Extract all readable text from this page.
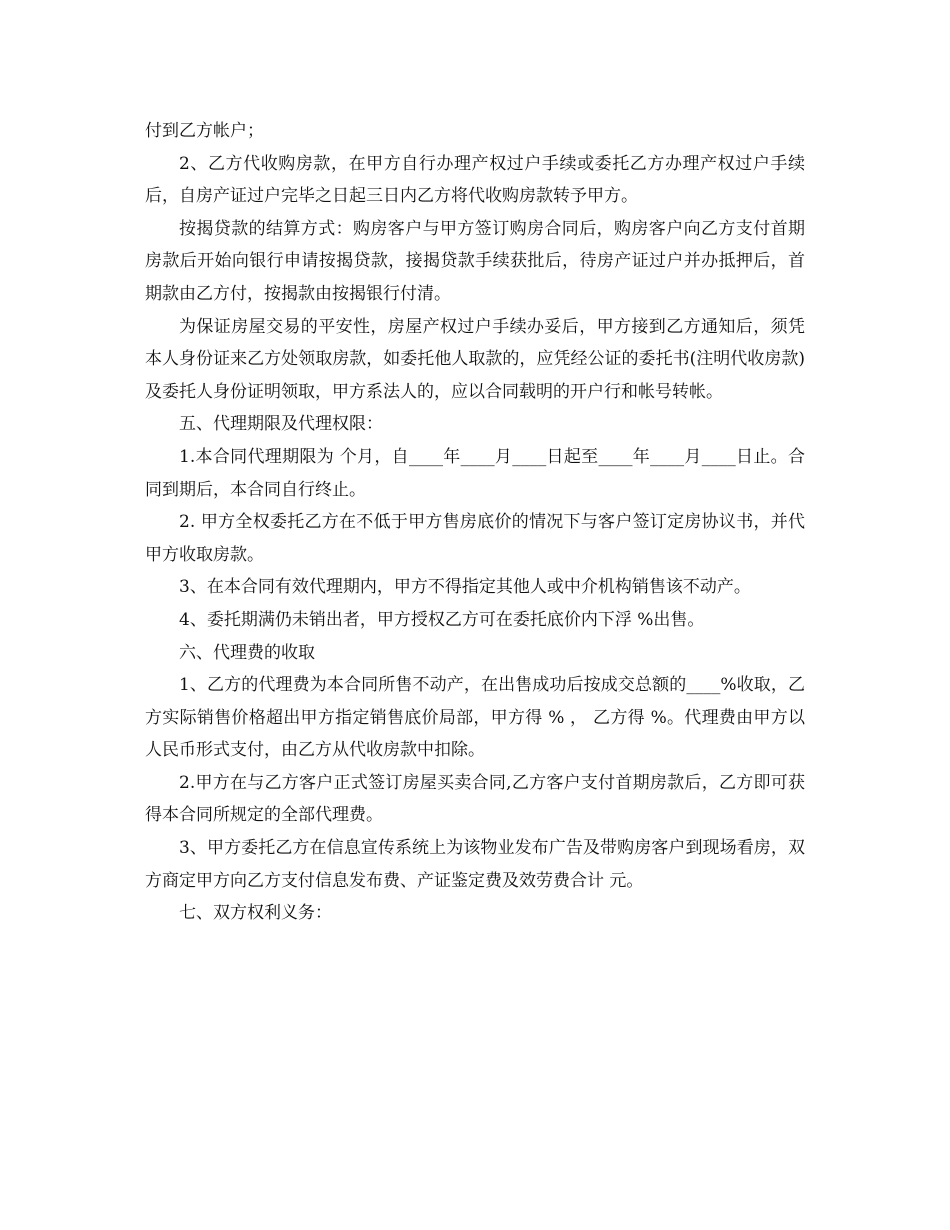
付到乙方帐户；

2、乙方代收购房款，在甲方自行办理产权过户手续或委托乙方办理产权过户手续后，自房产证过户完毕之日起三日内乙方将代收购房款转予甲方。

按揭贷款的结算方式：购房客户与甲方签订购房合同后，购房客户向乙方支付首期房款后开始向银行申请按揭贷款，接揭贷款手续获批后，待房产证过户并办抵押后，首期款由乙方付，按揭款由按揭银行付清。

为保证房屋交易的平安性，房屋产权过户手续办妥后，甲方接到乙方通知后，须凭本人身份证来乙方处领取房款，如委托他人取款的，应凭经公证的委托书(注明代收房款)及委托人身份证明领取，甲方系法人的，应以合同载明的开户行和帐号转帐。

五、代理期限及代理权限：

1.本合同代理期限为 个月，自____年____月____日起至____年____月____日止。合同到期后，本合同自行终止。

2. 甲方全权委托乙方在不低于甲方售房底价的情况下与客户签订定房协议书，并代甲方收取房款。

3、在本合同有效代理期内，甲方不得指定其他人或中介机构销售该不动产。

4、委托期满仍未销出者，甲方授权乙方可在委托底价内下浮 %出售。

六、代理费的收取

1、乙方的代理费为本合同所售不动产，在出售成功后按成交总额的____%收取，乙方实际销售价格超出甲方指定销售底价局部，甲方得 % ， 乙方得 %。代理费由甲方以人民币形式支付，由乙方从代收房款中扣除。

2.甲方在与乙方客户正式签订房屋买卖合同,乙方客户支付首期房款后，乙方即可获得本合同所规定的全部代理费。

3、甲方委托乙方在信息宣传系统上为该物业发布广告及带购房客户到现场看房，双方商定甲方向乙方支付信息发布费、产证鉴定费及效劳费合计 元。

七、双方权利义务：
